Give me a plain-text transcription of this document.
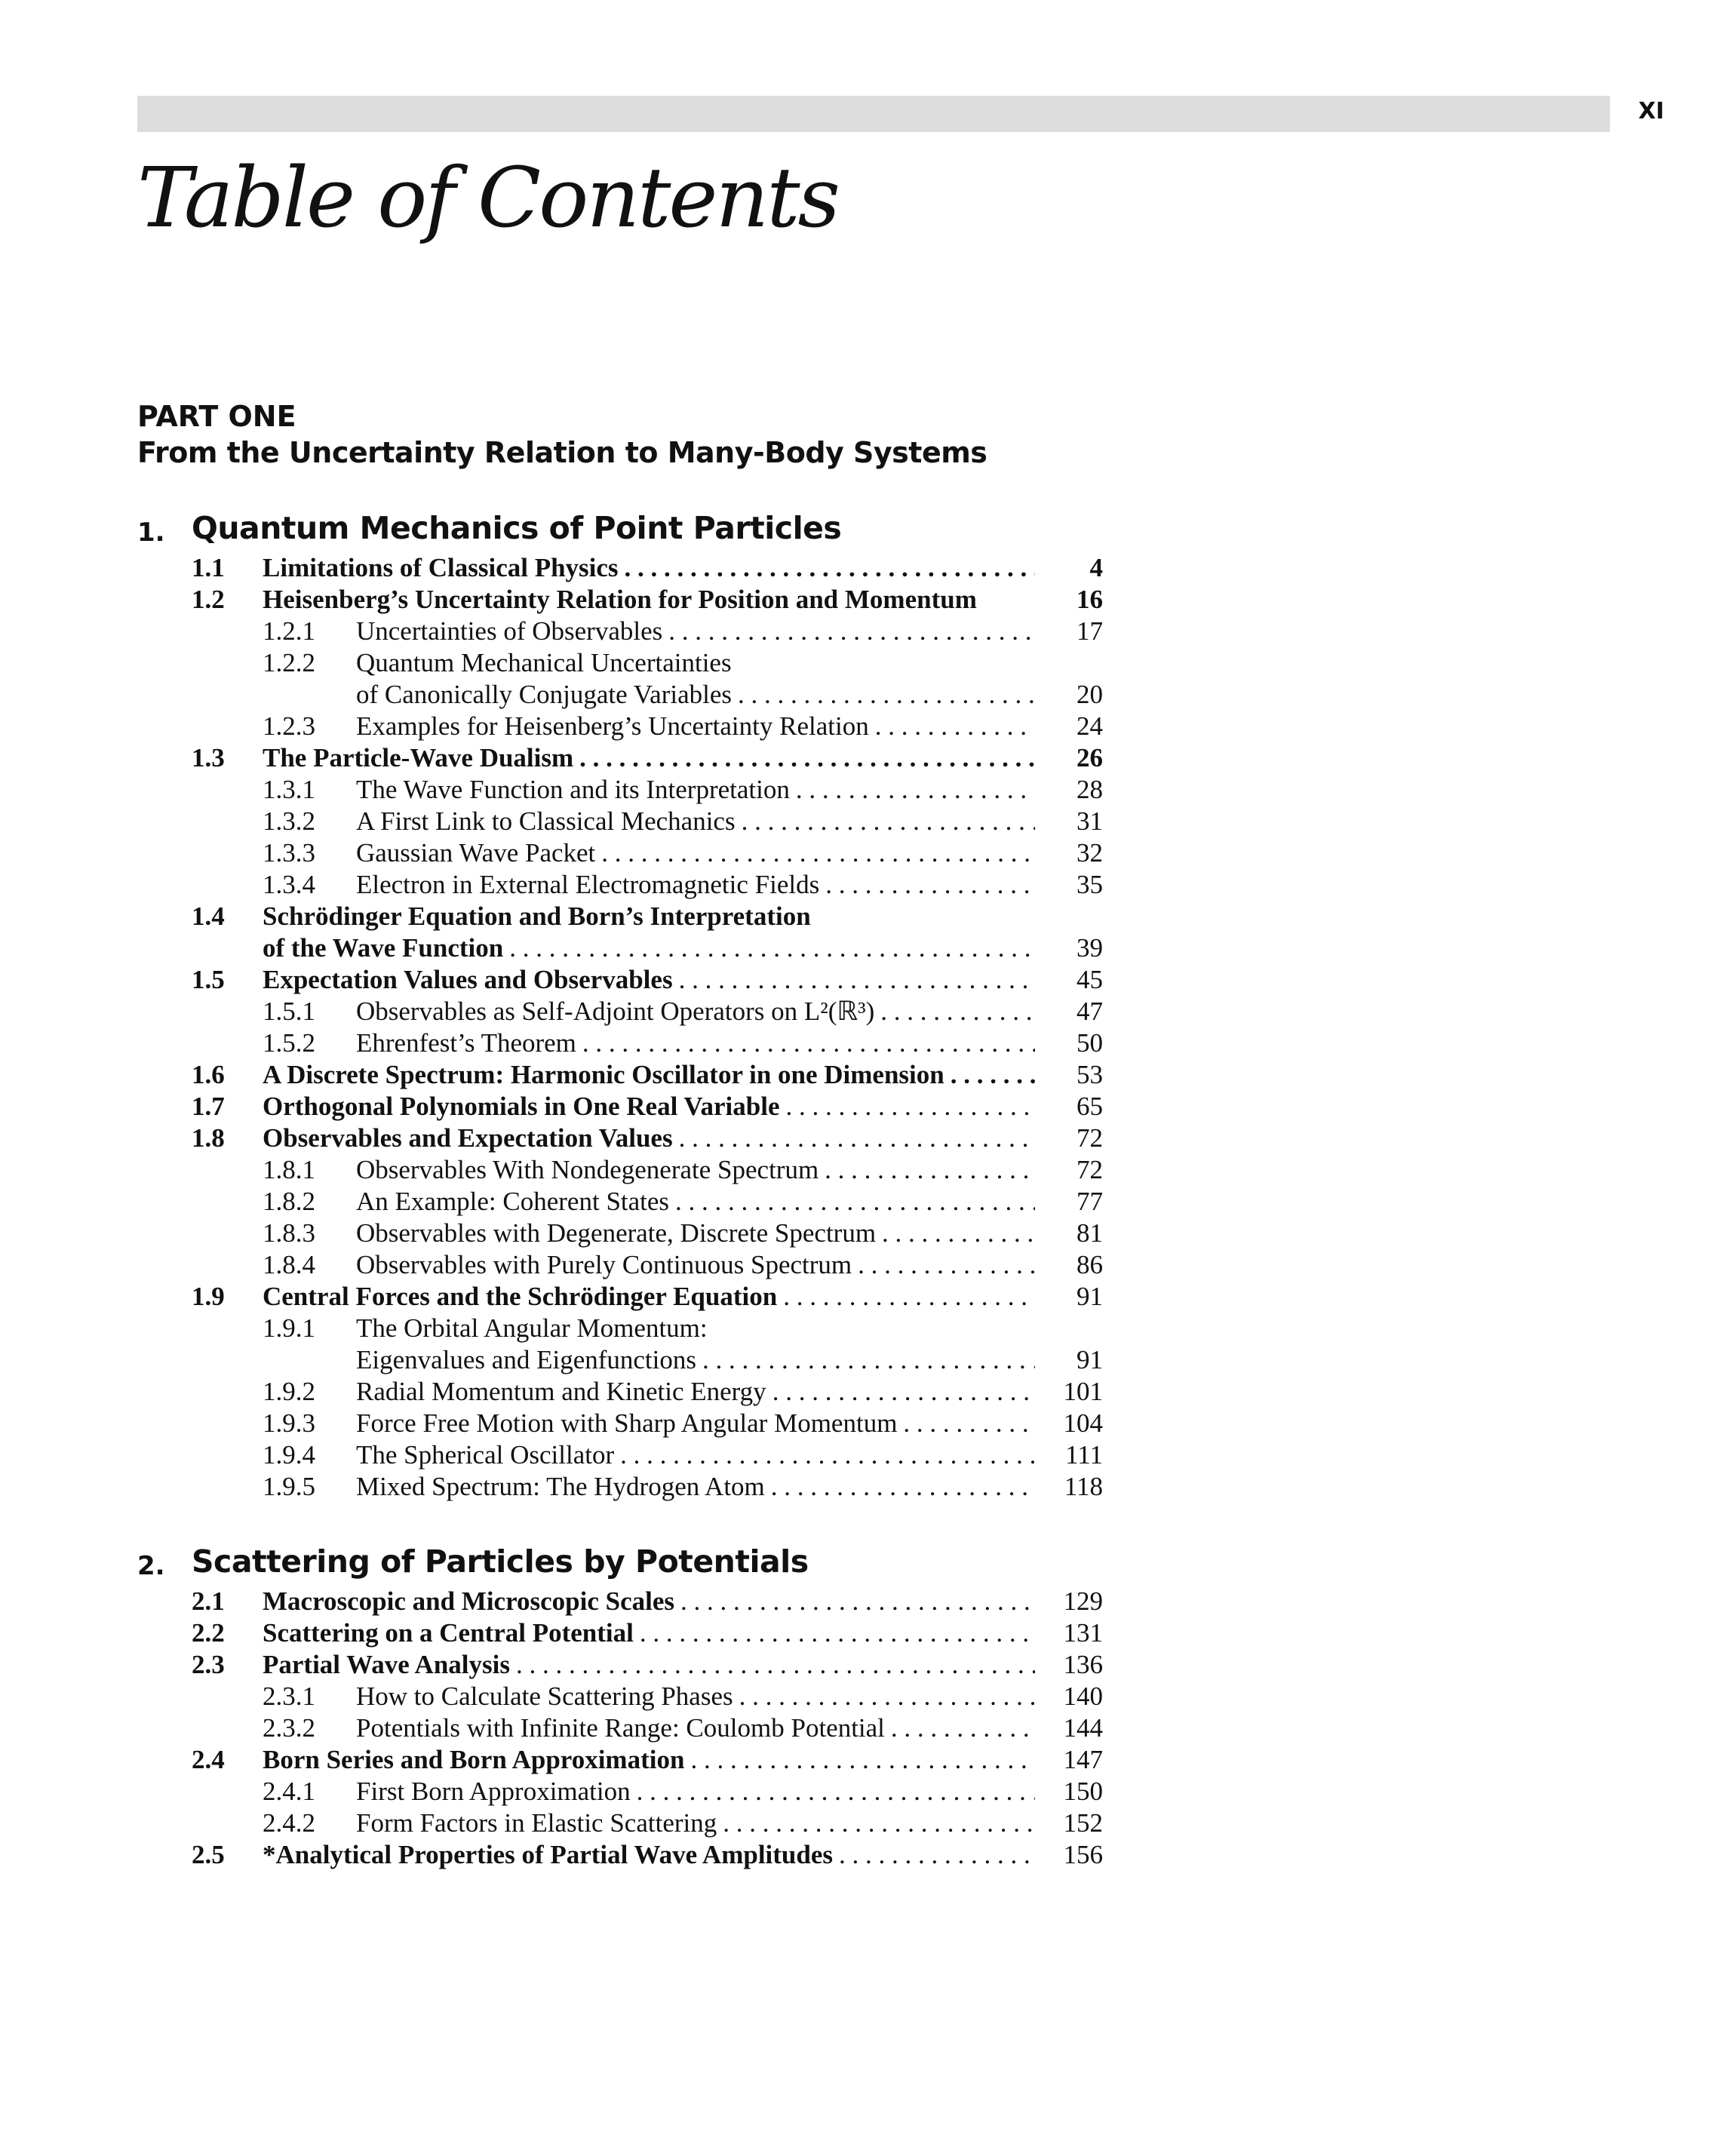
XI
Table of Contents
PART ONE
From the Uncertainty Relation to Many-Body Systems
1. Quantum Mechanics of Point Particles
1.1 Limitations of Classical Physics . . .	4
1.2 Heisenberg’s Uncertainty Relation for Position and Momentum	16
1.2.1 Uncertainties of Observables . . .	17
1.2.2 Quantum Mechanical Uncertainties
of Canonically Conjugate Variables . . .	20
1.2.3 Examples for Heisenberg’s Uncertainty Relation . . .	24
1.3 The Particle-Wave Dualism . . .	26
1.3.1 The Wave Function and its Interpretation . . .	28
1.3.2 A First Link to Classical Mechanics . . .	31
1.3.3 Gaussian Wave Packet . . .	32
1.3.4 Electron in External Electromagnetic Fields . . .	35
1.4 Schrödinger Equation and Born’s Interpretation
of the Wave Function . . .	39
1.5 Expectation Values and Observables . . .	45
1.5.1 Observables as Self-Adjoint Operators on L²(ℝ³) . . .	47
1.5.2 Ehrenfest’s Theorem . . .	50
1.6 A Discrete Spectrum: Harmonic Oscillator in one Dimension . . .	53
1.7 Orthogonal Polynomials in One Real Variable . . .	65
1.8 Observables and Expectation Values . . .	72
1.8.1 Observables With Nondegenerate Spectrum . . .	72
1.8.2 An Example: Coherent States . . .	77
1.8.3 Observables with Degenerate, Discrete Spectrum . . .	81
1.8.4 Observables with Purely Continuous Spectrum . . .	86
1.9 Central Forces and the Schrödinger Equation . . .	91
1.9.1 The Orbital Angular Momentum:
Eigenvalues and Eigenfunctions . . .	91
1.9.2 Radial Momentum and Kinetic Energy . . .	101
1.9.3 Force Free Motion with Sharp Angular Momentum . . .	104
1.9.4 The Spherical Oscillator . . .	111
1.9.5 Mixed Spectrum: The Hydrogen Atom . . .	118
2. Scattering of Particles by Potentials
2.1 Macroscopic and Microscopic Scales . . .	129
2.2 Scattering on a Central Potential . . .	131
2.3 Partial Wave Analysis . . .	136
2.3.1 How to Calculate Scattering Phases . . .	140
2.3.2 Potentials with Infinite Range: Coulomb Potential . . .	144
2.4 Born Series and Born Approximation . . .	147
2.4.1 First Born Approximation . . .	150
2.4.2 Form Factors in Elastic Scattering . . .	152
2.5 *Analytical Properties of Partial Wave Amplitudes . . .	156
